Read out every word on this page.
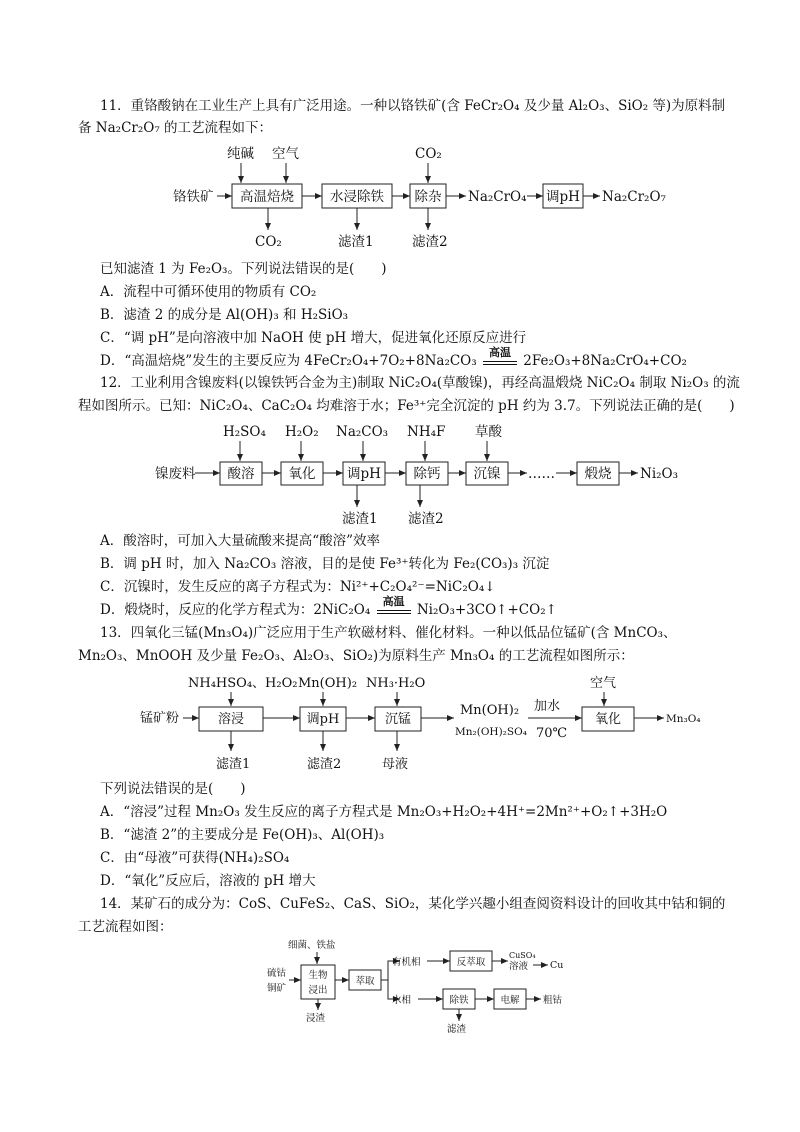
11．重铬酸钠在工业生产上具有广泛用途。一种以铬铁矿(含 FeCr₂O₄ 及少量 Al₂O₃、SiO₂ 等)为原料制
备 Na₂Cr₂O₇ 的工艺流程如下：
已知滤渣 1 为 Fe₂O₃。下列说法错误的是(　　)
A．流程中可循环使用的物质有 CO₂
B．滤渣 2 的成分是 Al(OH)₃ 和 H₂SiO₃
C．“调 pH”是向溶液中加 NaOH 使 pH 增大，促进氧化还原反应进行
D．“高温焙烧”发生的主要反应为 4FeCr₂O₄+7O₂+8Na₂CO₃
高温
2Fe₂O₃+8Na₂CrO₄+CO₂
12．工业利用含镍废料(以镍铁钙合金为主)制取 NiC₂O₄(草酸镍)，再经高温煅烧 NiC₂O₄ 制取 Ni₂O₃ 的流
程如图所示。已知：NiC₂O₄、CaC₂O₄ 均难溶于水；Fe³⁺完全沉淀的 pH 约为 3.7。下列说法正确的是(　　)
A．酸溶时，可加入大量硫酸来提高“酸溶”效率
B．调 pH 时，加入 Na₂CO₃ 溶液，目的是使 Fe³⁺转化为 Fe₂(CO₃)₃ 沉淀
C．沉镍时，发生反应的离子方程式为：Ni²⁺+C₂O₄²⁻=NiC₂O₄↓
D．煅烧时，反应的化学方程式为：2NiC₂O₄
高温
Ni₂O₃+3CO↑+CO₂↑
13．四氧化三锰(Mn₃O₄)广泛应用于生产软磁材料、催化材料。一种以低品位锰矿(含 MnCO₃、
Mn₂O₃、MnOOH 及少量 Fe₂O₃、Al₂O₃、SiO₂)为原料生产 Mn₃O₄ 的工艺流程如图所示：
下列说法错误的是(　　)
A．“溶浸”过程 Mn₂O₃ 发生反应的离子方程式是 Mn₂O₃+H₂O₂+4H⁺=2Mn²⁺+O₂↑+3H₂O
B．“滤渣 2”的主要成分是 Fe(OH)₃、Al(OH)₃
C．由“母液”可获得(NH₄)₂SO₄
D．“氧化”反应后，溶液的 pH 增大
14．某矿石的成分为：CoS、CuFeS₂、CaS、SiO₂，某化学兴趣小组查阅资料设计的回收其中钴和铜的
工艺流程如图：
铬铁矿
纯碱 空气
高温焙烧
CO₂
水浸除铁
滤渣1
CO₂
除杂
滤渣2
Na₂CrO₄ 调pH Na₂Cr₂O₇
镍废料
H₂SO₄
酸溶
H₂O₂
氧化
Na₂CO₃
调pH
滤渣1
NH₄F
除钙
滤渣2
草酸
沉镍 …… 煅烧 Ni₂O₃
锰矿粉
NH₄HSO₄、H₂O₂
溶浸
滤渣1
Mn(OH)₂
调pH
滤渣2
NH₃·H₂O
沉锰
母液
Mn(OH)₂
Mn₂(OH)₂SO₄
加水
70℃
空气
氧化	Mn₃O₄
细菌、铁盐
硫钴
铜矿
生物
浸出
浸渣
萃取
有机相	反萃取
CuSO₄
溶液 Cu
水相	除铁
滤渣
电解 粗钴
